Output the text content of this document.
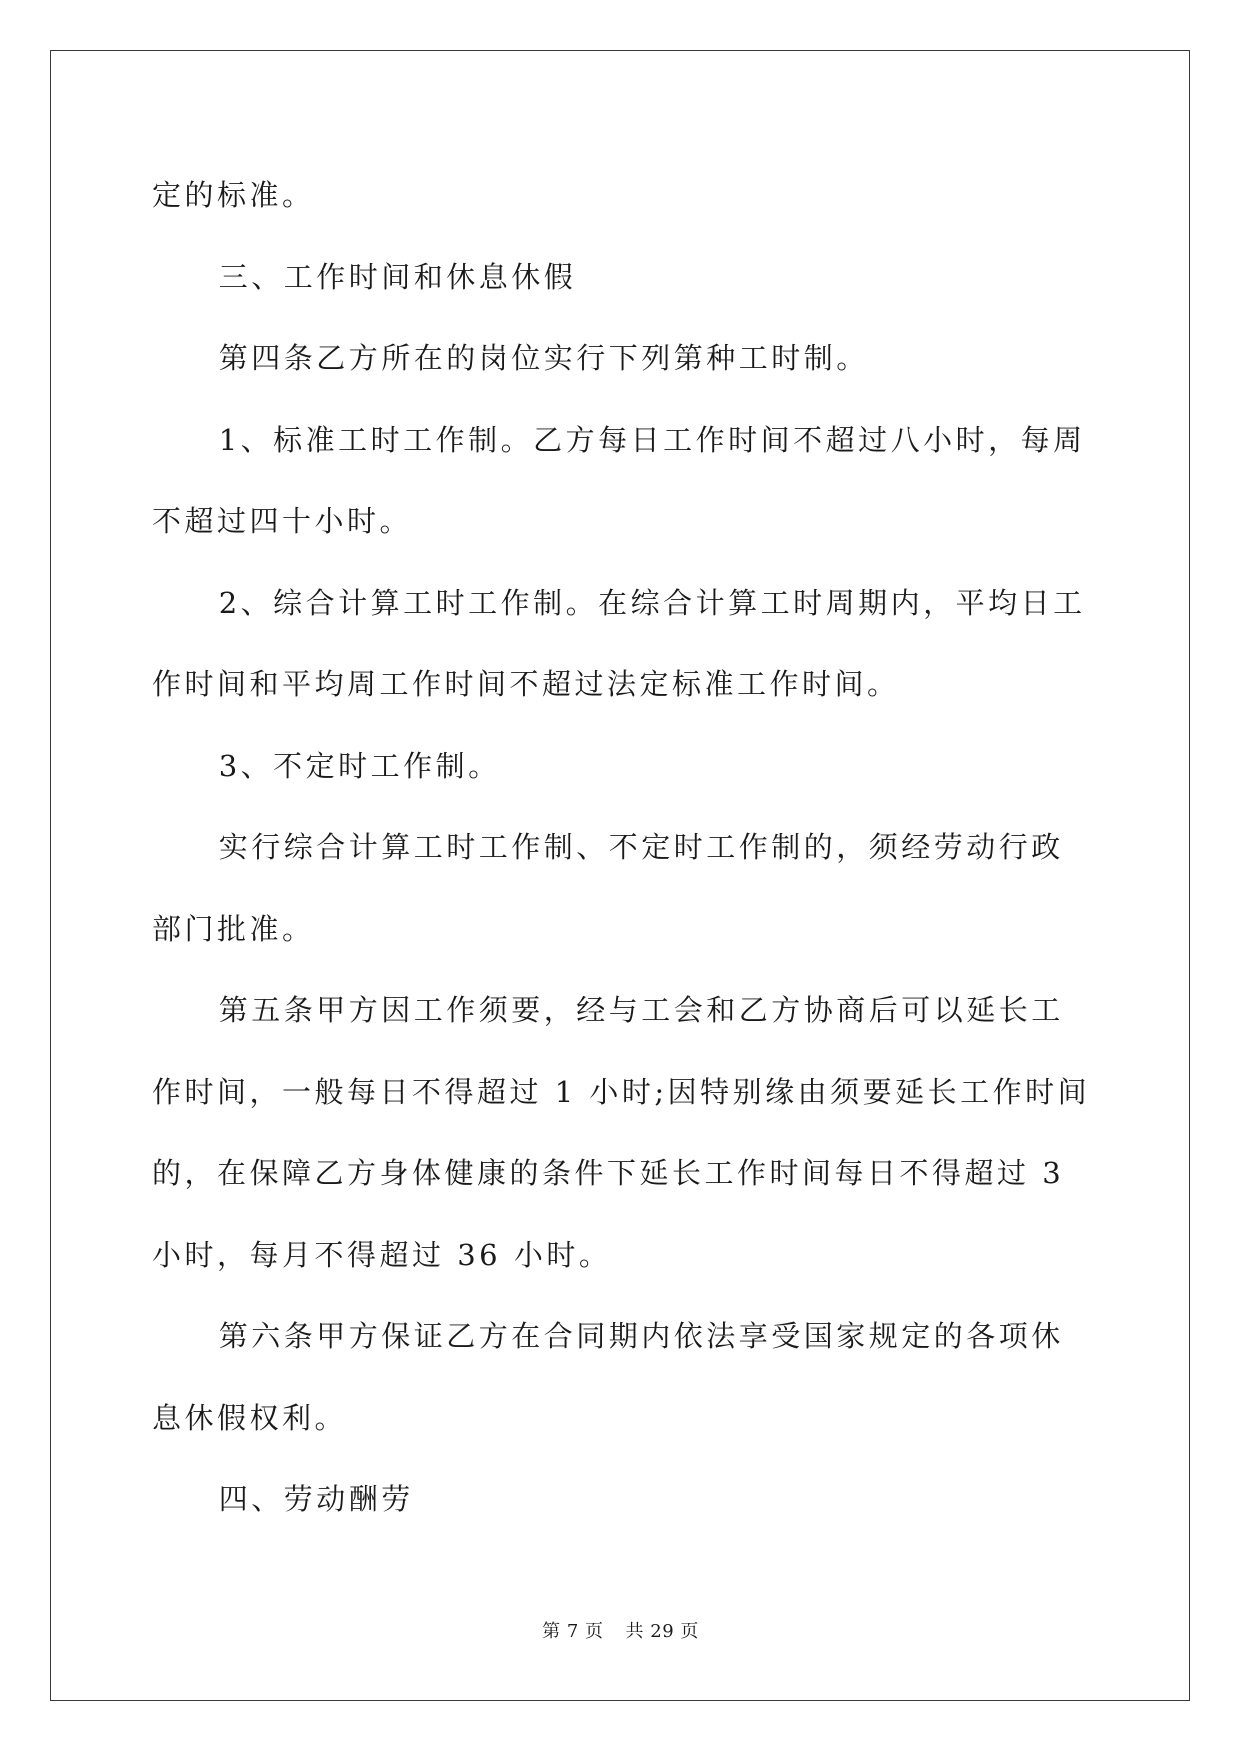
定的标准。

三、工作时间和休息休假

第四条乙方所在的岗位实行下列第种工时制。

1、标准工时工作制。乙方每日工作时间不超过八小时，每周不超过四十小时。

2、综合计算工时工作制。在综合计算工时周期内，平均日工作时间和平均周工作时间不超过法定标准工作时间。

3、不定时工作制。

实行综合计算工时工作制、不定时工作制的，须经劳动行政部门批准。

第五条甲方因工作须要，经与工会和乙方协商后可以延长工作时间，一般每日不得超过 1 小时;因特别缘由须要延长工作时间的，在保障乙方身体健康的条件下延长工作时间每日不得超过 3 小时，每月不得超过 36 小时。

第六条甲方保证乙方在合同期内依法享受国家规定的各项休息休假权利。

四、劳动酬劳

第 7 页 共 29 页
